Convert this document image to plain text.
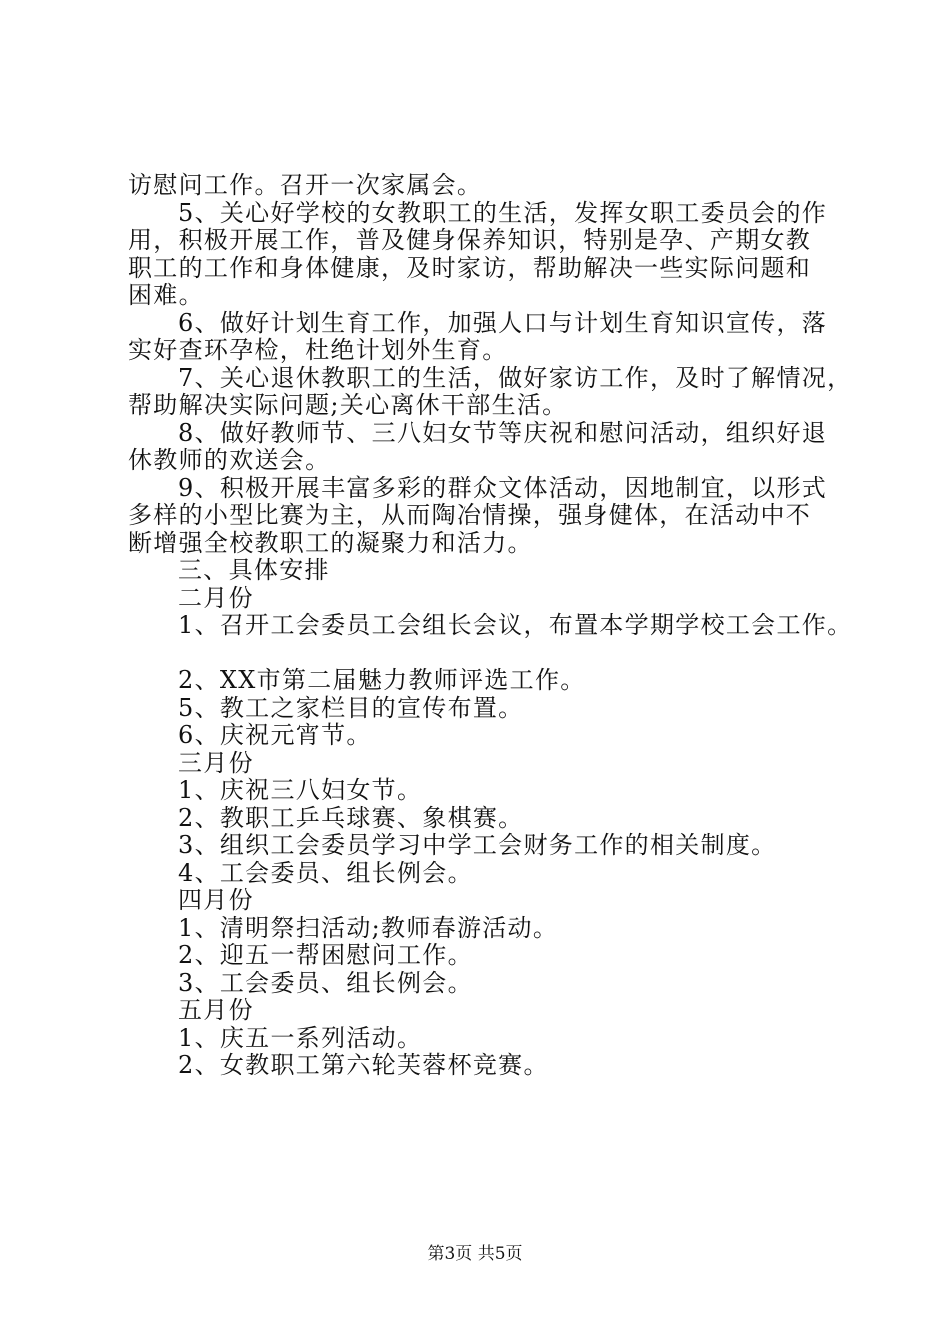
访慰问工作。召开一次家属会。
5、关心好学校的女教职工的生活，发挥女职工委员会的作
用，积极开展工作，普及健身保养知识，特别是孕、产期女教
职工的工作和身体健康，及时家访，帮助解决一些实际问题和
困难。
6、做好计划生育工作，加强人口与计划生育知识宣传，落
实好查环孕检，杜绝计划外生育。
7、关心退休教职工的生活，做好家访工作，及时了解情况，
帮助解决实际问题;关心离休干部生活。
8、做好教师节、三八妇女节等庆祝和慰问活动，组织好退
休教师的欢送会。
9、积极开展丰富多彩的群众文体活动，因地制宜，以形式
多样的小型比赛为主，从而陶冶情操，强身健体，在活动中不
断增强全校教职工的凝聚力和活力。
三、具体安排
二月份
1、召开工会委员工会组长会议，布置本学期学校工会工作。
2、XX市第二届魅力教师评选工作。
5、教工之家栏目的宣传布置。
6、庆祝元宵节。
三月份
1、庆祝三八妇女节。
2、教职工乒乓球赛、象棋赛。
3、组织工会委员学习中学工会财务工作的相关制度。
4、工会委员、组长例会。
四月份
1、清明祭扫活动;教师春游活动。
2、迎五一帮困慰问工作。
3、工会委员、组长例会。
五月份
1、庆五一系列活动。
2、女教职工第六轮芙蓉杯竞赛。
第3页 共5页
